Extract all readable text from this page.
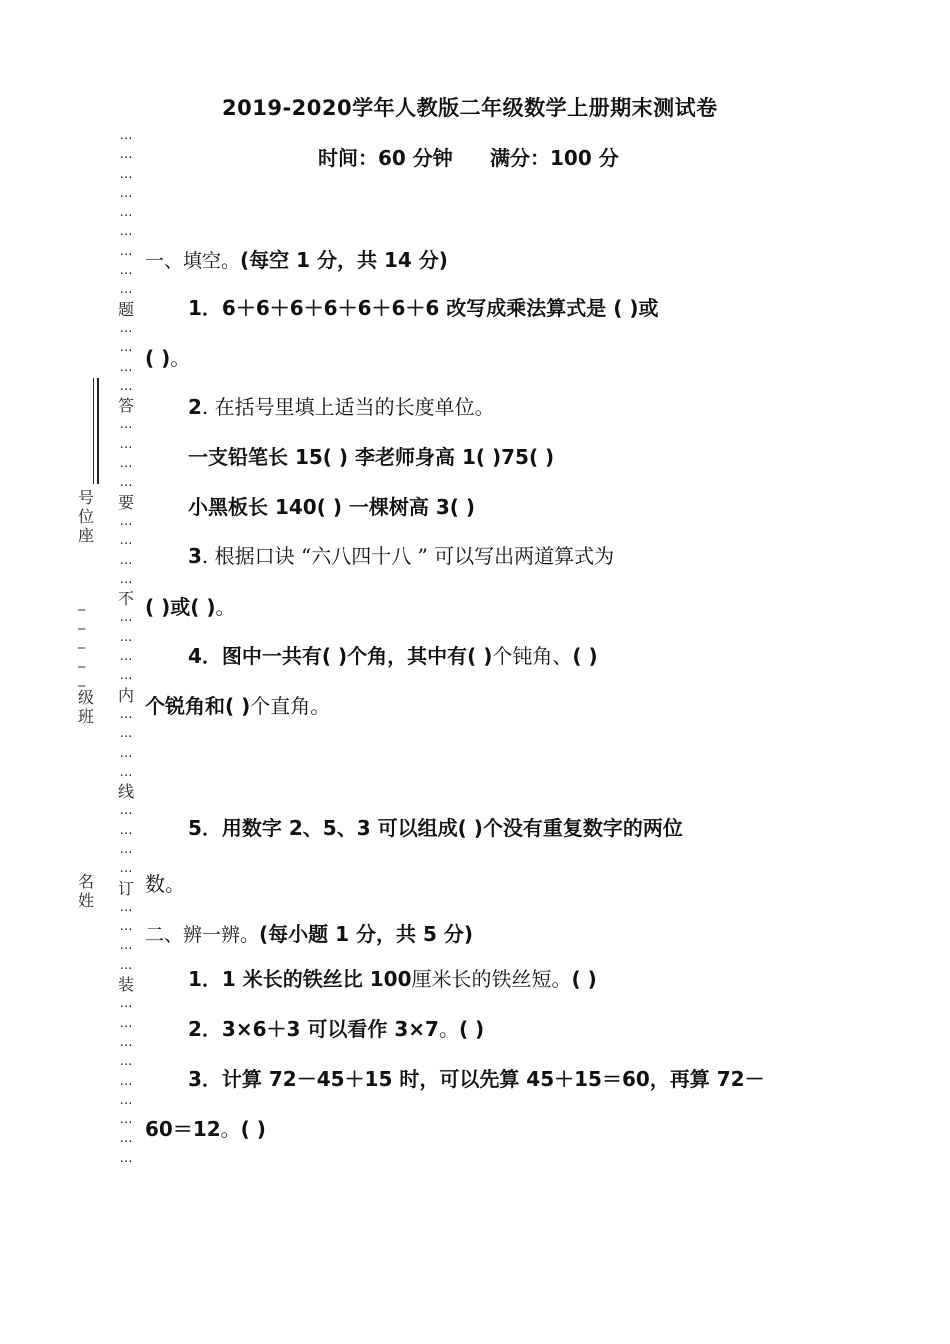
2019-2020学年人教版二年级数学上册期末测试卷
时间：60 分钟 满分：100 分
…
…
…
…
…
…
…
…
…
题
…
…
…
…
答
…
…
…
…
要
…
…
…
…
不
…
…
…
…
内
…
…
…
…
线
…
…
…
…
订
…
…
…
…
装
…
…
…
…
…
…
…
…
…
号位座
_
_
_
_
_
级班
名姓
一、填空。(每空 1 分，共 14 分)
1．6＋6＋6＋6＋6＋6＋6 改写成乘法算式是 ( )或
( )。
2. 在括号里填上适当的长度单位。
一支铅笔长 15( ) 李老师身高 1( )75( )
小黑板长 140( ) 一棵树高 3( )
3. 根据口诀 “六八四十八 ” 可以写出两道算式为
( )或( )。
4．图中一共有( )个角，其中有( )个钝角、( )
个锐角和( )个直角。
5．用数字 2、5、3 可以组成( )个没有重复数字的两位
数。
二、辨一辨。(每小题 1 分，共 5 分)
1．1 米长的铁丝比 100厘米长的铁丝短。( )
2．3×6＋3 可以看作 3×7。( )
3．计算 72－45＋15 时，可以先算 45＋15＝60，再算 72－
60＝12。( )
